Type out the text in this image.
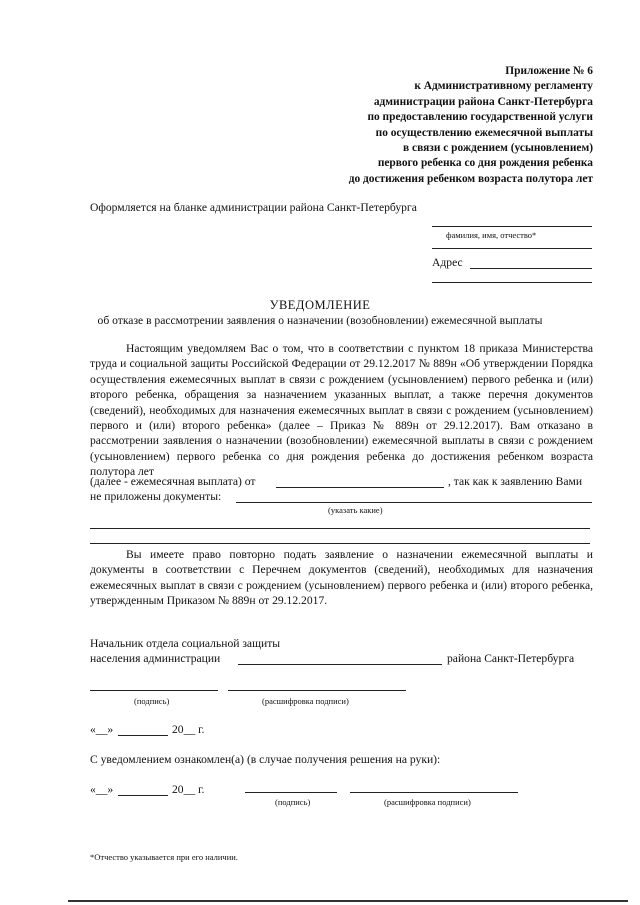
Приложение № 6
к Административному регламенту
администрации района Санкт-Петербурга
по предоставлению государственной услуги
по осуществлению ежемесячной выплаты
в связи с рождением (усыновлением)
первого ребенка со дня рождения ребенка
до достижения ребенком возраста полутора лет
Оформляется на бланке администрации района Санкт-Петербурга
фамилия, имя, отчество*
Адрес
УВЕДОМЛЕНИЕ
об отказе в рассмотрении заявления о назначении (возобновлении) ежемесячной выплаты
Настоящим уведомляем Вас о том, что в соответствии с пунктом 18 приказа Министерства труда и социальной защиты Российской Федерации от 29.12.2017 № 889н «Об утверждении Порядка осуществления ежемесячных выплат в связи с рождением (усыновлением) первого ребенка и (или) второго ребенка, обращения за назначением указанных выплат, а также перечня документов (сведений), необходимых для назначения ежемесячных выплат в связи с рождением (усыновлением) первого и (или) второго ребенка» (далее – Приказ № 889н от 29.12.2017). Вам отказано в рассмотрении заявления о назначении (возобновлении) ежемесячной выплаты в связи с рождением (усыновлением) первого ребенка со дня рождения ребенка до достижения ребенком возраста полутора лет
(далее - ежемесячная выплата) от	, так как к заявлению Вами
не приложены документы:
(указать какие)
Вы имеете право повторно подать заявление о назначении ежемесячной выплаты и документы в соответствии с Перечнем документов (сведений), необходимых для назначения ежемесячных выплат в связи с рождением (усыновлением) первого ребенка и (или) второго ребенка, утвержденным Приказом № 889н от 29.12.2017.
Начальник отдела социальной защиты
населения администрации	района Санкт-Петербурга
(подпись)	(расшифровка подписи)
«__»	20__ г.
С уведомлением ознакомлен(а) (в случае получения решения на руки):
«__»	20__ г.
(подпись)	(расшифровка подписи)
*Отчество указывается при его наличии.
